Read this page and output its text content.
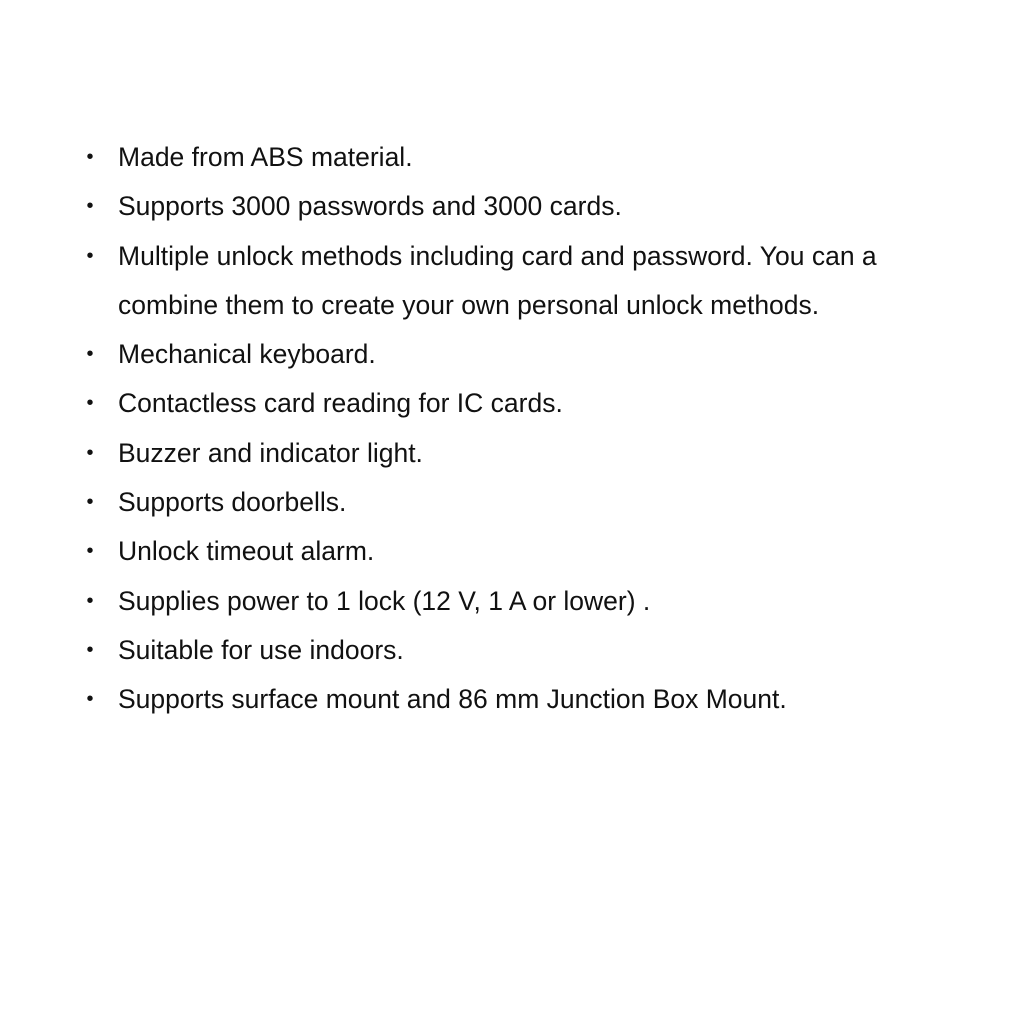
• Made from ABS material.
• Supports 3000 passwords and 3000 cards.
• Multiple unlock methods including card and password. You can a combine them to create your own personal unlock methods.
• Mechanical keyboard.
• Contactless card reading for IC cards.
• Buzzer and indicator light.
• Supports doorbells.
• Unlock timeout alarm.
• Supplies power to 1 lock (12 V, 1 A or lower) .
• Suitable for use indoors.
• Supports surface mount and 86 mm Junction Box Mount.
